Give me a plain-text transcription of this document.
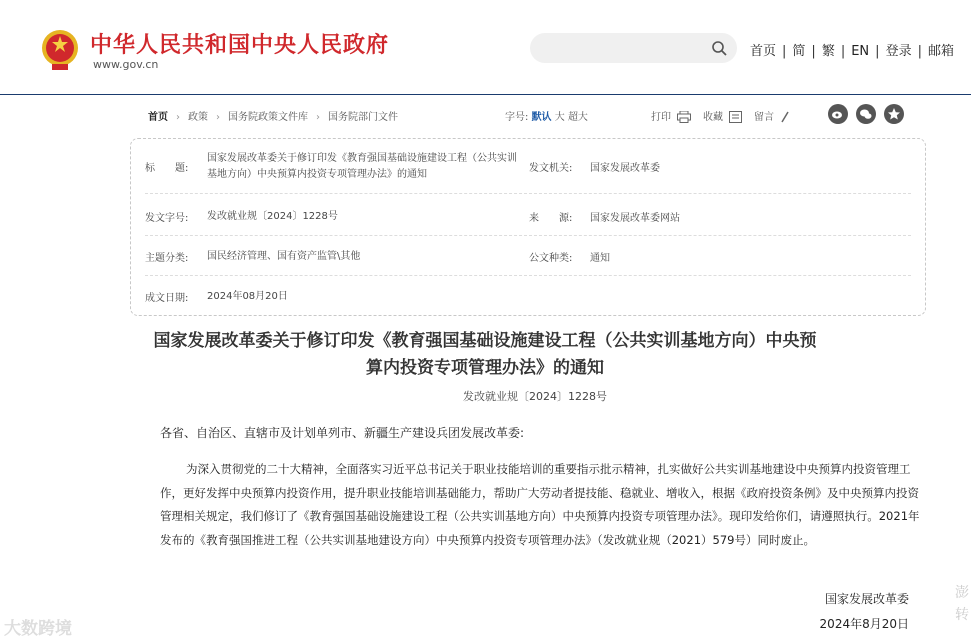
中华人民共和国中央人民政府
www.gov.cn
首页 | 简 | 繁 | EN | 登录 | 邮箱
首页 › 政策 › 国务院政策文件库 › 国务院部门文件	字号: 默认 大 超大	打印	收藏	留言
标　　题:
国家发展改革委关于修订印发《教育强国基础设施建设工程（公共实训基地方向）中央预算内投资专项管理办法》的通知
发文机关: 国家发展改革委
发文字号: 发改就业规〔2024〕1228号	来　　源: 国家发展改革委网站
主题分类: 国民经济管理、国有资产监管\其他	公文种类: 通知
成文日期: 2024年08月20日
国家发展改革委关于修订印发《教育强国基础设施建设工程（公共实训基地方向）中央预算内投资专项管理办法》的通知
发改就业规〔2024〕1228号
各省、自治区、直辖市及计划单列市、新疆生产建设兵团发展改革委:
为深入贯彻党的二十大精神，全面落实习近平总书记关于职业技能培训的重要指示批示精神，扎实做好公共实训基地建设中央预算内投资管理工作，更好发挥中央预算内投资作用，提升职业技能培训基础能力，帮助广大劳动者提技能、稳就业、增收入，根据《政府投资条例》及中央预算内投资管理相关规定，我们修订了《教育强国基础设施建设工程（公共实训基地方向）中央预算内投资专项管理办法》。现印发给你们，请遵照执行。2021年发布的《教育强国推进工程（公共实训基地建设方向）中央预算内投资专项管理办法》（发改就业规（2021）579号）同时废止。
国家发展改革委
2024年8月20日
大数跨境
澎转
